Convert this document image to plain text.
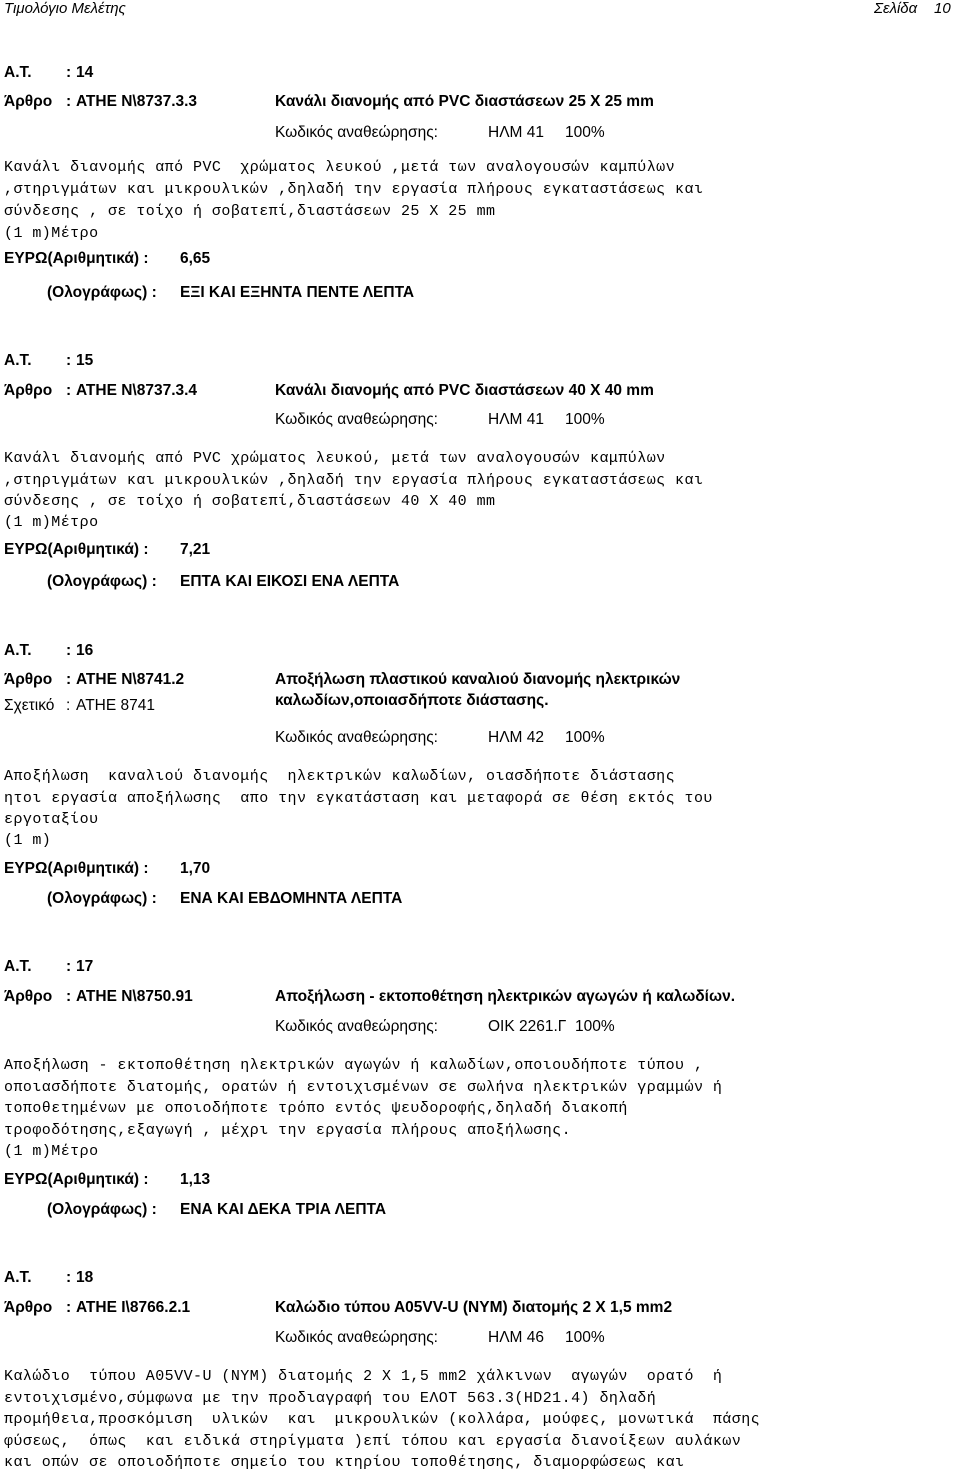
Τιμολόγιο Μελέτης	Σελίδα 10
Α.Τ. : 14
Άρθρο : ΑΤΗΕ Ν\8737.3.3	Κανάλι διανομής από PVC διαστάσεων 25 Χ 25 mm
Κωδικός αναθεώρησης:	ΗΛΜ 41 100%
Κανάλι διανομής από PVC  χρώματος λευκού ,μετά των αναλογουσών καμπύλων
,στηριγμάτων και μικρουλικών ,δηλαδή την εργασία πλήρους εγκαταστάσεως και
σύνδεσης , σε τοίχο ή σοβατεπί,διαστάσεων 25 Χ 25 mm
(1 m)Μέτρο
ΕΥΡΩ(Αριθμητικά) : 6,65
(Ολογράφως) : ΕΞΙ ΚΑΙ ΕΞΗΝΤΑ ΠΕΝΤΕ ΛΕΠΤΑ
Α.Τ. : 15
Άρθρο : ΑΤΗΕ Ν\8737.3.4	Κανάλι διανομής από PVC διαστάσεων 40 Χ 40 mm
Κωδικός αναθεώρησης:	ΗΛΜ 41 100%
Κανάλι διανομής από PVC χρώματος λευκού, μετά των αναλογουσών καμπύλων
,στηριγμάτων και μικρουλικών ,δηλαδή την εργασία πλήρους εγκαταστάσεως και
σύνδεσης , σε τοίχο ή σοβατεπί,διαστάσεων 40 Χ 40 mm
(1 m)Μέτρο
ΕΥΡΩ(Αριθμητικά) : 7,21
(Ολογράφως) : ΕΠΤΑ ΚΑΙ ΕΙΚΟΣΙ ΕΝΑ ΛΕΠΤΑ
Α.Τ. : 16
Άρθρο : ΑΤΗΕ Ν\8741.2
Σχετικό : ΑΤΗΕ 8741
Αποξήλωση πλαστικού καναλιού διανομής ηλεκτρικών
καλωδίων,οποιασδήποτε διάστασης.
Κωδικός αναθεώρησης:	ΗΛΜ 42 100%
Αποξήλωση  καναλιού διανομής  ηλεκτρικών καλωδίων, οιασδήποτε διάστασης
ητοι εργασία αποξήλωσης  απο την εγκατάσταση και μεταφορά σε θέση εκτός του
εργοταξίου
(1 m)
ΕΥΡΩ(Αριθμητικά) : 1,70
(Ολογράφως) : ΕΝΑ ΚΑΙ ΕΒΔΟΜΗΝΤΑ ΛΕΠΤΑ
Α.Τ. : 17
Άρθρο : ΑΤΗΕ Ν\8750.91	Αποξήλωση - εκτοποθέτηση ηλεκτρικών αγωγών ή καλωδίων.
Κωδικός αναθεώρησης:	ΟΙΚ 2261.Γ 100%
Αποξήλωση - εκτοποθέτηση ηλεκτρικών αγωγών ή καλωδίων,οποιουδήποτε τύπου ,
οποιασδήποτε διατομής, ορατών ή εντοιχισμένων σε σωλήνα ηλεκτρικών γραμμών ή
τοποθετημένων με οποιοδήποτε τρόπο εντός ψευδοροφής,δηλαδή διακοπή
τροφοδότησης,εξαγωγή , μέχρι την εργασία πλήρους αποξήλωσης.
(1 m)Μέτρο
ΕΥΡΩ(Αριθμητικά) : 1,13
(Ολογράφως) : ΕΝΑ ΚΑΙ ΔΕΚΑ ΤΡΙΑ ΛΕΠΤΑ
Α.Τ. : 18
Άρθρο : ΑΤΗΕ Ι\8766.2.1	Καλώδιο τύπου Α05VV-U (ΝΥΜ) διατομής 2 Χ 1,5 mm2
Κωδικός αναθεώρησης:	ΗΛΜ 46 100%
Καλώδιο  τύπου Α05VV-U (NYM) διατομής 2 Χ 1,5 mm2 χάλκινων  αγωγών  ορατό  ή
εντοιχισμένο,σύμφωνα με την προδιαγραφή του ΕΛΟΤ 563.3(HD21.4) δηλαδή
προμήθεια,προσκόμιση  υλικών  και  μικρουλικών (κολλάρα, μούφες, μονωτικά  πάσης
φύσεως,  όπως  και ειδικά στηρίγματα )επί τόπου και εργασία διανοίξεων αυλάκων
και οπών σε οποιοδήποτε σημείο του κτηρίου τοποθέτησης, διαμορφώσεως και
